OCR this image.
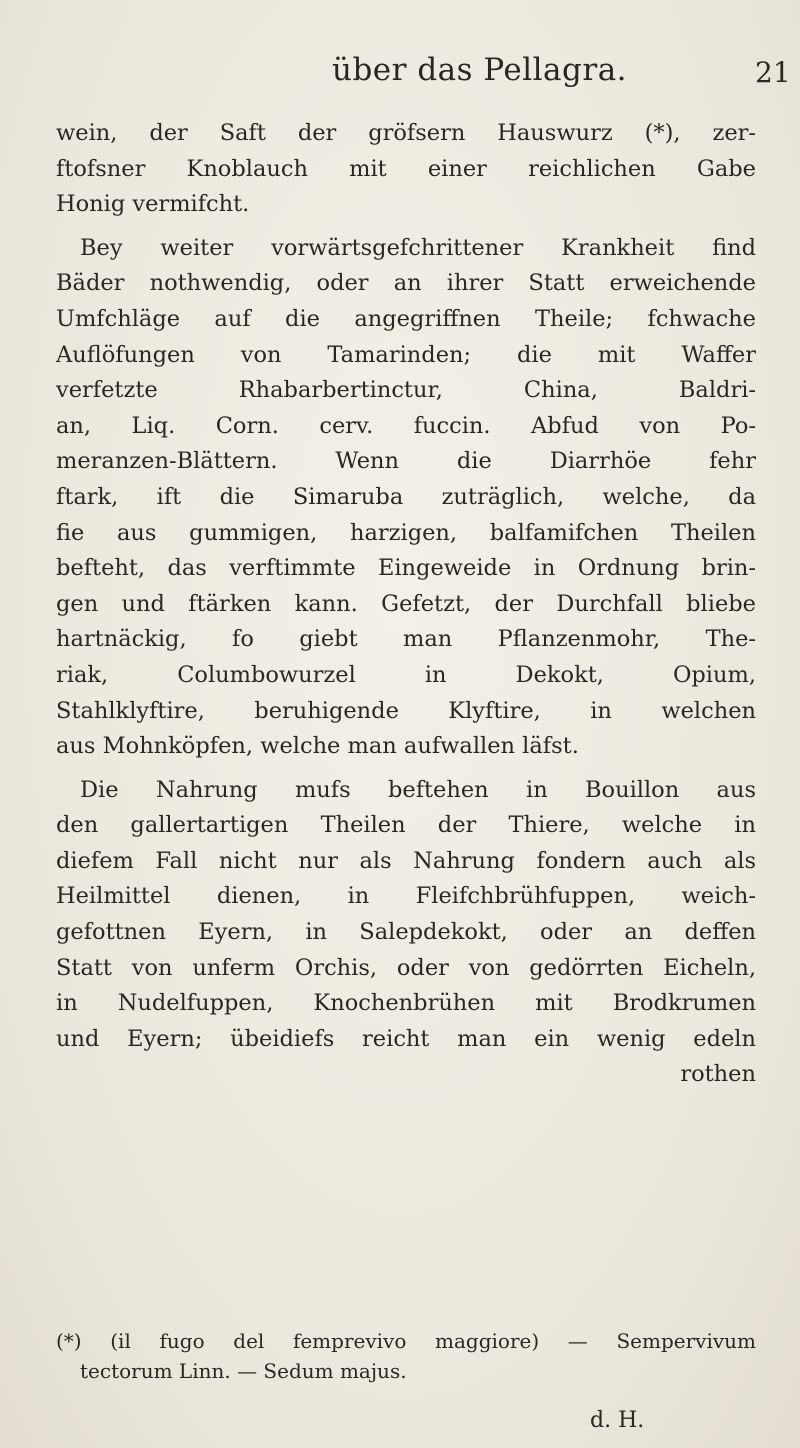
über das Pellagra.	21
wein, der Saft der gröfsern Hauswurz (*), zer-
ftofsner Knoblauch mit einer reichlichen Gabe
Honig vermifcht.
Bey weiter vorwärtsgefchrittener Krankheit find
Bäder nothwendig, oder an ihrer Statt erweichende
Umfchläge auf die angegriffnen Theile; fchwache
Auflöfungen von Tamarinden; die mit Waffer
verfetzte Rhabarbertinctur, China, Baldri-
an, Liq. Corn. cerv. fuccin. Abfud von Po-
meranzen-Blättern. Wenn die Diarrhöe fehr
ftark, ift die Simaruba zuträglich, welche, da
fie aus gummigen, harzigen, balfamifchen Theilen
befteht, das verftimmte Eingeweide in Ordnung brin-
gen und ftärken kann. Gefetzt, der Durchfall bliebe
hartnäckig, fo giebt man Pflanzenmohr, The-
riak, Columbowurzel in Dekokt, Opium,
Stahlklyftire, beruhigende Klyftire, in welchen
aus Mohnköpfen, welche man aufwallen läfst.
Die Nahrung mufs beftehen in Bouillon aus
den gallertartigen Theilen der Thiere, welche in
diefem Fall nicht nur als Nahrung fondern auch als
Heilmittel dienen, in Fleifchbrühfuppen, weich-
gefottnen Eyern, in Salepdekokt, oder an deffen
Statt von unferm Orchis, oder von gedörrten Eicheln,
in Nudelfuppen, Knochenbrühen mit Brodkrumen
und Eyern; übeidiefs reicht man ein wenig edeln
rothen
(*) (il fugo del femprevivo maggiore) — Sempervivum
tectorum Linn. — Sedum majus.
d. H.
